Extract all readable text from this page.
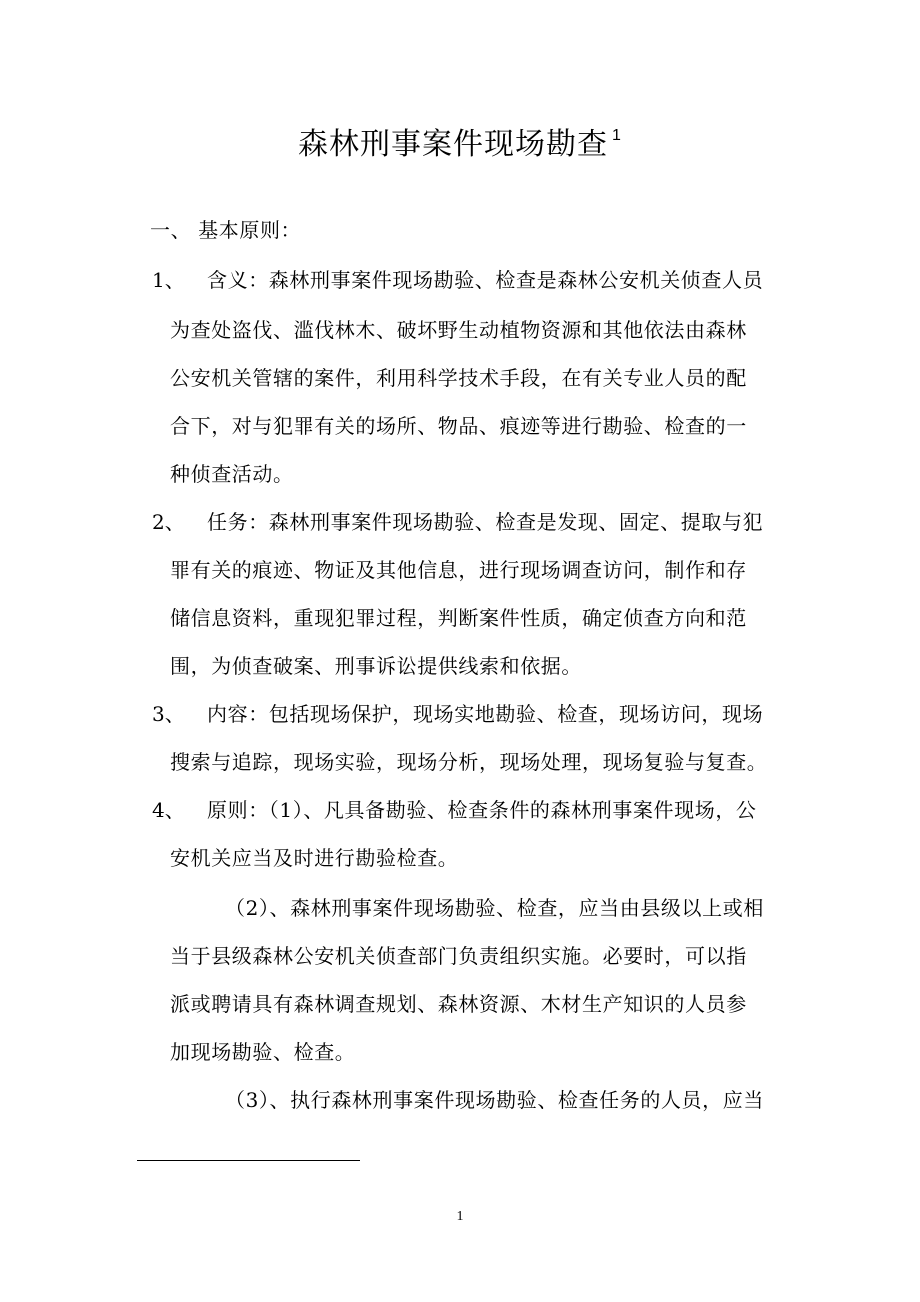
森林刑事案件现场勘查 $^1$
一、 基本原则：
1、 含义：森林刑事案件现场勘验、检查是森林公安机关侦查人员
为查处盗伐、滥伐林木、破坏野生动植物资源和其他依法由森林
公安机关管辖的案件，利用科学技术手段，在有关专业人员的配
合下，对与犯罪有关的场所、物品、痕迹等进行勘验、检查的一
种侦查活动。
2、 任务：森林刑事案件现场勘验、检查是发现、固定、提取与犯
罪有关的痕迹、物证及其他信息，进行现场调查访问，制作和存
储信息资料，重现犯罪过程，判断案件性质，确定侦查方向和范
围，为侦查破案、刑事诉讼提供线索和依据。
3、 内容：包括现场保护，现场实地勘验、检查，现场访问，现场
搜索与追踪，现场实验，现场分析，现场处理，现场复验与复查。
4、 原则：（1）、凡具备勘验、检查条件的森林刑事案件现场，公
安机关应当及时进行勘验检查。
（2）、森林刑事案件现场勘验、检查，应当由县级以上或相
当于县级森林公安机关侦查部门负责组织实施。必要时，可以指
派或聘请具有森林调查规划、森林资源、木材生产知识的人员参
加现场勘验、检查。
（3）、执行森林刑事案件现场勘验、检查任务的人员，应当
1
